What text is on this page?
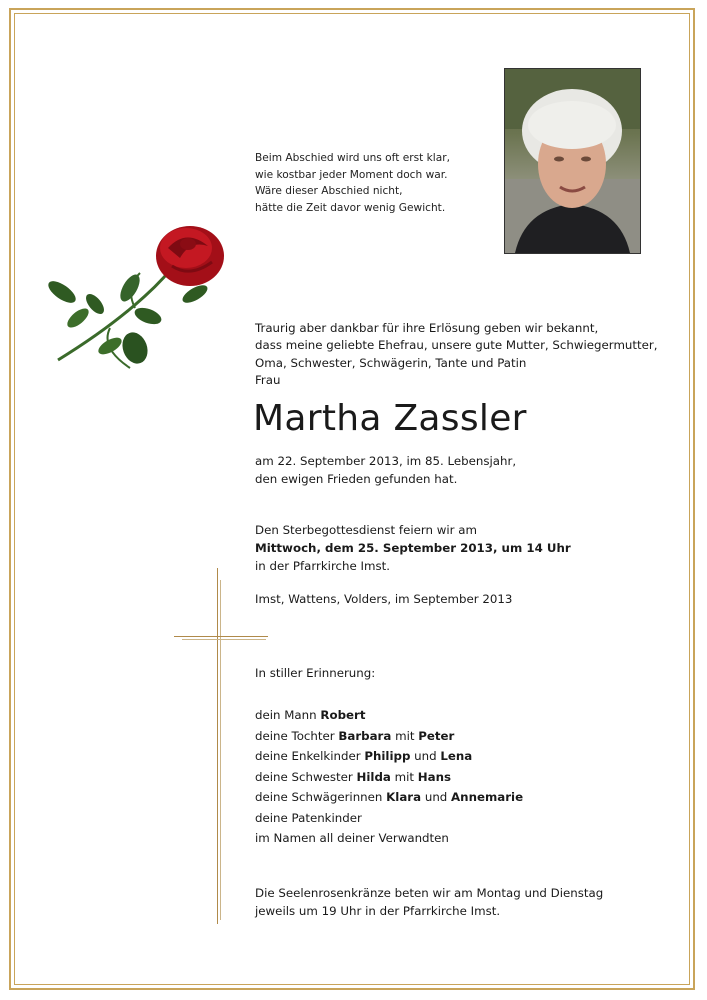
Beim Abschied wird uns oft erst klar,
wie kostbar jeder Moment doch war.
Wäre dieser Abschied nicht,
hätte die Zeit davor wenig Gewicht.
Traurig aber dankbar für ihre Erlösung geben wir bekannt,
dass meine geliebte Ehefrau, unsere gute Mutter, Schwiegermutter,
Oma, Schwester, Schwägerin, Tante und Patin
Frau
Martha Zassler
am 22. September 2013, im 85. Lebensjahr,
den ewigen Frieden gefunden hat.
Den Sterbegottesdienst feiern wir am
Mittwoch, dem 25. September 2013, um 14 Uhr
in der Pfarrkirche Imst.
Imst, Wattens, Volders, im September 2013
In stiller Erinnerung:
dein Mann Robert
deine Tochter Barbara mit Peter
deine Enkelkinder Philipp und Lena
deine Schwester Hilda mit Hans
deine Schwägerinnen Klara und Annemarie
deine Patenkinder
im Namen all deiner Verwandten
Die Seelenrosenkränze beten wir am Montag und Dienstag
jeweils um 19 Uhr in der Pfarrkirche Imst.
